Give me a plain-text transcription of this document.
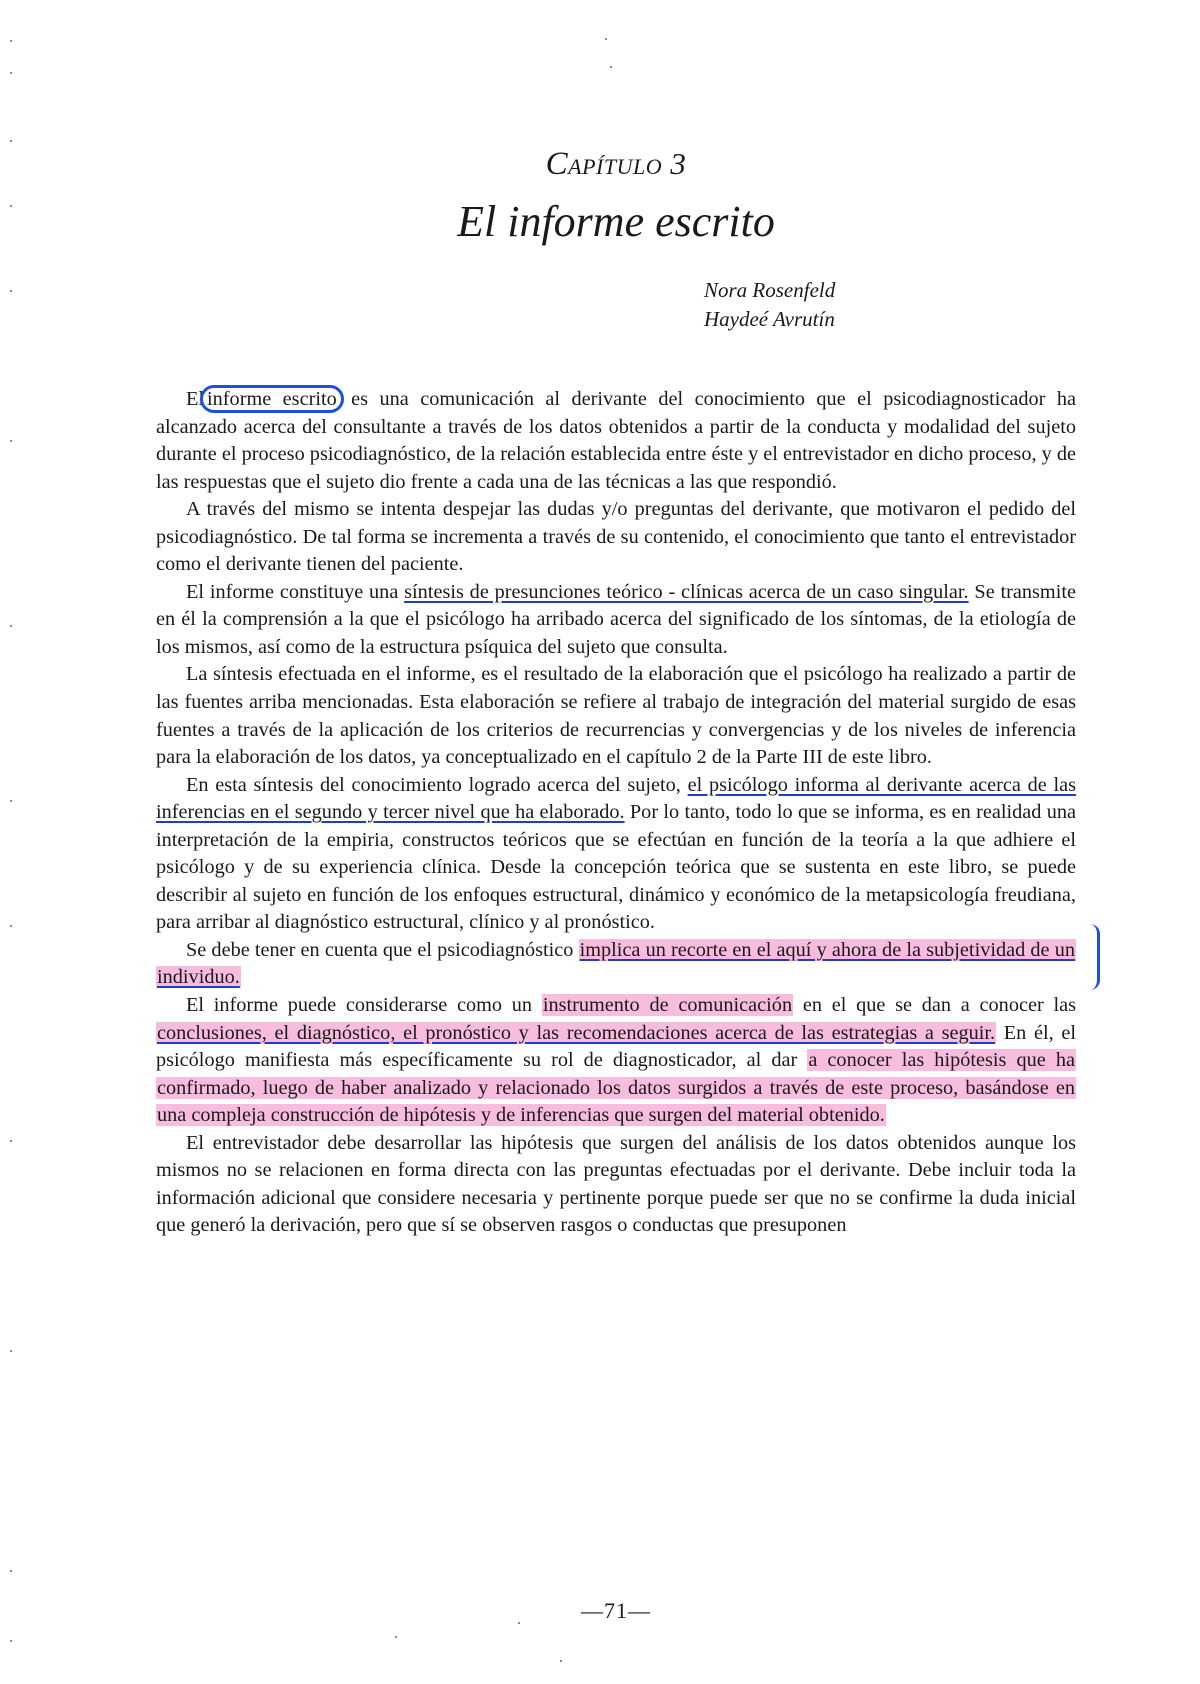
Capítulo 3
El informe escrito
Nora Rosenfeld
Haydeé Avrutín

El informe escrito es una comunicación al derivante del conocimiento que el psicodiagnosticador ha alcanzado acerca del consultante a través de los datos obtenidos a partir de la conducta y modalidad del sujeto durante el proceso psicodiagnóstico, de la relación establecida entre éste y el entrevistador en dicho proceso, y de las respuestas que el sujeto dio frente a cada una de las técnicas a las que respondió.

A través del mismo se intenta despejar las dudas y/o preguntas del derivante, que motivaron el pedido del psicodiagnóstico. De tal forma se incrementa a través de su contenido, el conocimiento que tanto el entrevistador como el derivante tienen del paciente.

El informe constituye una síntesis de presunciones teórico - clínicas acerca de un caso singular. Se transmite en él la comprensión a la que el psicólogo ha arribado acerca del significado de los síntomas, de la etiología de los mismos, así como de la estructura psíquica del sujeto que consulta.

La síntesis efectuada en el informe, es el resultado de la elaboración que el psicólogo ha realizado a partir de las fuentes arriba mencionadas. Esta elaboración se refiere al trabajo de integración del material surgido de esas fuentes a través de la aplicación de los criterios de recurrencias y convergencias y de los niveles de inferencia para la elaboración de los datos, ya conceptualizado en el capítulo 2 de la Parte III de este libro.

En esta síntesis del conocimiento logrado acerca del sujeto, el psicólogo informa al derivante acerca de las inferencias en el segundo y tercer nivel que ha elaborado. Por lo tanto, todo lo que se informa, es en realidad una interpretación de la empiria, constructos teóricos que se efectúan en función de la teoría a la que adhiere el psicólogo y de su experiencia clínica. Desde la concepción teórica que se sustenta en este libro, se puede describir al sujeto en función de los enfoques estructural, dinámico y económico de la metapsicología freudiana, para arribar al diagnóstico estructural, clínico y al pronóstico.

Se debe tener en cuenta que el psicodiagnóstico implica un recorte en el aquí y ahora de la subjetividad de un individuo.

El informe puede considerarse como un instrumento de comunicación en el que se dan a conocer las conclusiones, el diagnóstico, el pronóstico y las recomendaciones acerca de las estrategias a seguir. En él, el psicólogo manifiesta más específicamente su rol de diagnosticador, al dar a conocer las hipótesis que ha confirmado, luego de haber analizado y relacionado los datos surgidos a través de este proceso, basándose en una compleja construcción de hipótesis y de inferencias que surgen del material obtenido.

El entrevistador debe desarrollar las hipótesis que surgen del análisis de los datos obtenidos aunque los mismos no se relacionen en forma directa con las preguntas efectuadas por el derivante. Debe incluir toda la información adicional que considere necesaria y pertinente porque puede ser que no se confirme la duda inicial que generó la derivación, pero que sí se observen rasgos o conductas que presuponen

—71—
